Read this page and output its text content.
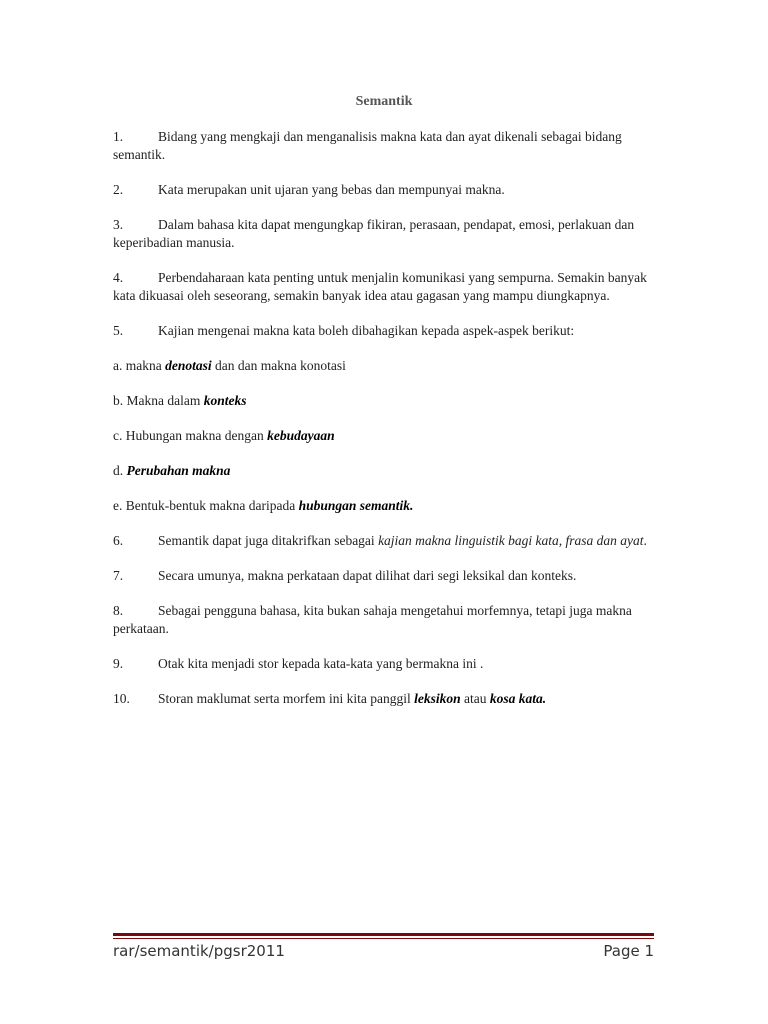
Semantik

1.	Bidang yang mengkaji dan menganalisis makna kata dan ayat dikenali sebagai bidang semantik.

2.	Kata merupakan unit ujaran yang bebas dan mempunyai makna.

3.	Dalam bahasa kita dapat mengungkap fikiran, perasaan, pendapat, emosi, perlakuan dan keperibadian manusia.

4.	Perbendaharaan kata penting untuk menjalin komunikasi yang sempurna. Semakin banyak kata dikuasai oleh seseorang, semakin banyak idea atau gagasan yang mampu diungkapnya.

5.	Kajian mengenai makna kata boleh dibahagikan kepada aspek-aspek berikut:

a. makna denotasi dan dan makna konotasi

b. Makna dalam konteks

c. Hubungan makna dengan kebudayaan

d. Perubahan makna

e. Bentuk-bentuk makna daripada hubungan semantik.

6.	Semantik dapat juga ditakrifkan sebagai kajian makna linguistik bagi kata, frasa dan ayat.

7.	Secara umunya, makna perkataan dapat dilihat dari segi leksikal dan konteks.

8.	Sebagai pengguna bahasa, kita bukan sahaja mengetahui morfemnya, tetapi juga makna perkataan.

9.	Otak kita menjadi stor kepada kata-kata yang bermakna ini .

10. Storan maklumat serta morfem ini kita panggil leksikon atau kosa kata.

rar/semantik/pgsr2011	Page 1
